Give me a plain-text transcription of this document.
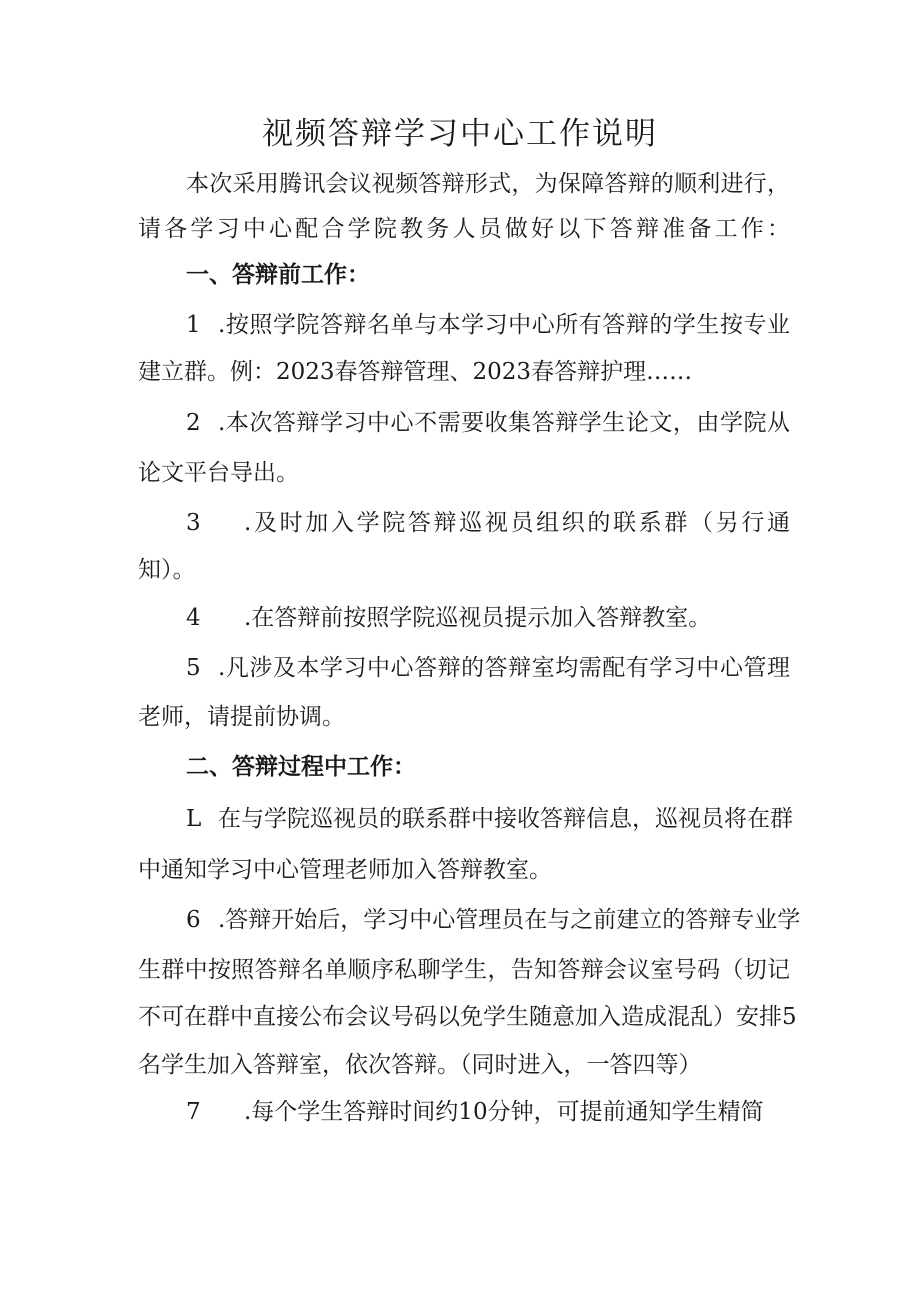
视频答辩学习中心工作说明
本次采用腾讯会议视频答辩形式，为保障答辩的顺利进行，
请各学习中心配合学院教务人员做好以下答辩准备工作：
一、答辩前工作：
1 .按照学院答辩名单与本学习中心所有答辩的学生按专业
建立群。例：2023春答辩管理、2023春答辩护理……
2 .本次答辩学习中心不需要收集答辩学生论文，由学院从
论文平台导出。
3 .及时加入学院答辩巡视员组织的联系群（另行通
知）。
4 .在答辩前按照学院巡视员提示加入答辩教室。
5 .凡涉及本学习中心答辩的答辩室均需配有学习中心管理
老师，请提前协调。
二、答辩过程中工作：
L 在与学院巡视员的联系群中接收答辩信息，巡视员将在群
中通知学习中心管理老师加入答辩教室。
6 .答辩开始后，学习中心管理员在与之前建立的答辩专业学
生群中按照答辩名单顺序私聊学生，告知答辩会议室号码（切记
不可在群中直接公布会议号码以免学生随意加入造成混乱）安排5
名学生加入答辩室，依次答辩。（同时进入，一答四等）
7 .每个学生答辩时间约10分钟，可提前通知学生精简
